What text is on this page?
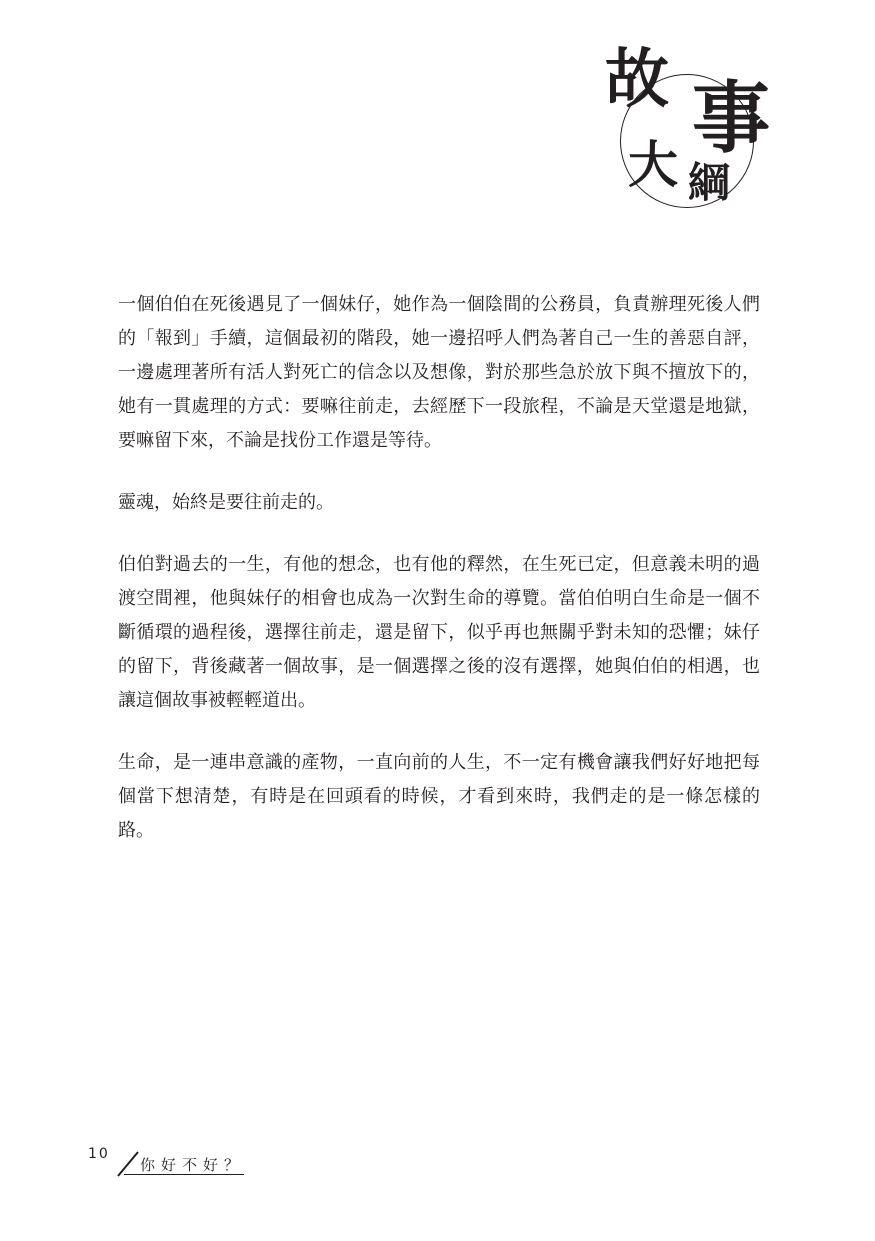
故 事
大 綱

一個伯伯在死後遇見了一個妹仔，她作為一個陰間的公務員，負責辦理死後人們的「報到」手續，這個最初的階段，她一邊招呼人們為著自己一生的善惡自評，一邊處理著所有活人對死亡的信念以及想像，對於那些急於放下與不擅放下的，她有一貫處理的方式：要嘛往前走，去經歷下一段旅程，不論是天堂還是地獄，要嘛留下來，不論是找份工作還是等待。

靈魂，始終是要往前走的。

伯伯對過去的一生，有他的想念，也有他的釋然，在生死已定，但意義未明的過渡空間裡，他與妹仔的相會也成為一次對生命的導覽。當伯伯明白生命是一個不斷循環的過程後，選擇往前走，還是留下，似乎再也無關乎對未知的恐懼；妹仔的留下，背後藏著一個故事，是一個選擇之後的沒有選擇，她與伯伯的相遇，也讓這個故事被輕輕道出。

生命，是一連串意識的產物，一直向前的人生，不一定有機會讓我們好好地把每個當下想清楚，有時是在回頭看的時候，才看到來時，我們走的是一條怎樣的路。

10
你好不好？
